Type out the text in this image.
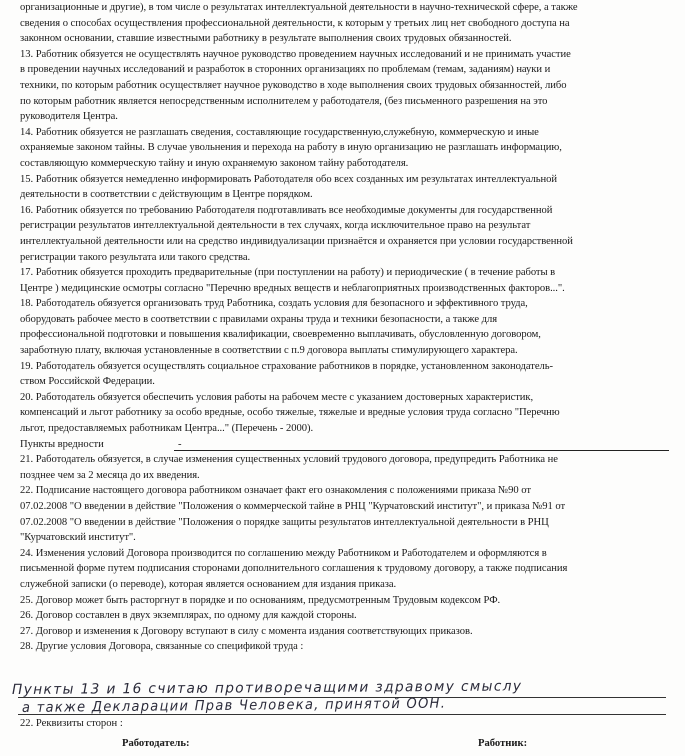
организационные и другие), в том числе о результатах интеллектуальной деятельности в научно-технической сфере, а также
сведения о способах осуществления профессиональной деятельности, к которым у третьих лиц нет свободного доступа на
законном основании, ставшие известными работнику в результате выполнения своих трудовых обязанностей.
13. Работник обязуется не осуществлять научное руководство проведением научных исследований и не принимать участие
в проведении научных исследований и разработок в сторонних организациях по проблемам (темам, заданиям) науки и
техники, по которым работник осуществляет научное руководство в ходе выполнения своих трудовых обязанностей, либо
по которым работник является непосредственным исполнителем у работодателя, (без письменного разрешения на это
руководителя Центра.
14. Работник обязуется не разглашать сведения, составляющие государственную,служебную, коммерческую и иные
охраняемые законом тайны. В случае увольнения и перехода на работу в иную организацию не разглашать информацию,
составляющую коммерческую тайну и иную охраняемую законом тайну работодателя.
15. Работник обязуется немедленно информировать Работодателя обо всех созданных им результатах интеллектуальной
деятельности в соответствии с действующим в Центре порядком.
16. Работник обязуется по требованию Работодателя подготавливать все необходимые документы для государственной
регистрации результатов интеллектуальной деятельности в тех случаях, когда исключительное право на результат
интеллектуальной деятельности или на средство индивидуализации признаётся и охраняется при условии государственной
регистрации такого результата или такого средства.
17. Работник обязуется проходить предварительные (при поступлении на работу) и периодические ( в течение работы в
Центре ) медицинские осмотры согласно "Перечню вредных веществ и неблагоприятных производственных факторов...".
18. Работодатель обязуется организовать труд Работника, создать условия для безопасного и эффективного труда,
оборудовать рабочее место в соответствии с правилами охраны труда и техники безопасности, а также для
профессиональной подготовки и повышения квалификации, своевременно выплачивать, обусловленную договором,
заработную плату, включая установленные в соответствии с п.9 договора выплаты стимулирующего характера.
19. Работодатель обязуется осуществлять социальное страхование работников в порядке, установленном законодатель-
ством Российской Федерации.
20. Работодатель обязуется обеспечить условия работы на рабочем месте с указанием достоверных характеристик,
компенсаций и льгот работнику за особо вредные, особо тяжелые, тяжелые и вредные условия труда согласно "Перечню
льгот, предоставляемых работникам Центра..." (Перечень - 2000).
Пункты вредности	-
21. Работодатель обязуется, в случае изменения существенных условий трудового договора, предупредить Работника не
позднее чем за 2 месяца до их введения.
22. Подписание настоящего договора работником означает факт его ознакомления с положениями приказа №90 от
07.02.2008 "О введении в действие "Положения о коммерческой тайне в РНЦ "Курчатовский институт", и приказа №91 от
07.02.2008 "О введении в действие "Положения о порядке защиты результатов интеллектуальной деятельности в РНЦ
"Курчатовский институт".
24. Изменения условий Договора производится по соглашению между Работником и Работодателем и оформляются в
письменной форме путем подписания сторонами дополнительного соглашения к трудовому договору, а также подписания
служебной записки (о переводе), которая является основанием для издания приказа.
25. Договор может быть расторгнут в порядке и по основаниям, предусмотренным Трудовым кодексом РФ.
26. Договор составлен в двух экземплярах, по одному для каждой стороны.
27. Договор и изменения к Договору вступают в силу с момента издания соответствующих приказов.
28. Другие условия Договора, связанные со спецификой труда :
Пункты 13 и 16 считаю противоречащими здравому смыслу
а также Декларации Прав Человека, принятой ООН.
22. Реквизиты сторон :
Работодатель:	Работник:
